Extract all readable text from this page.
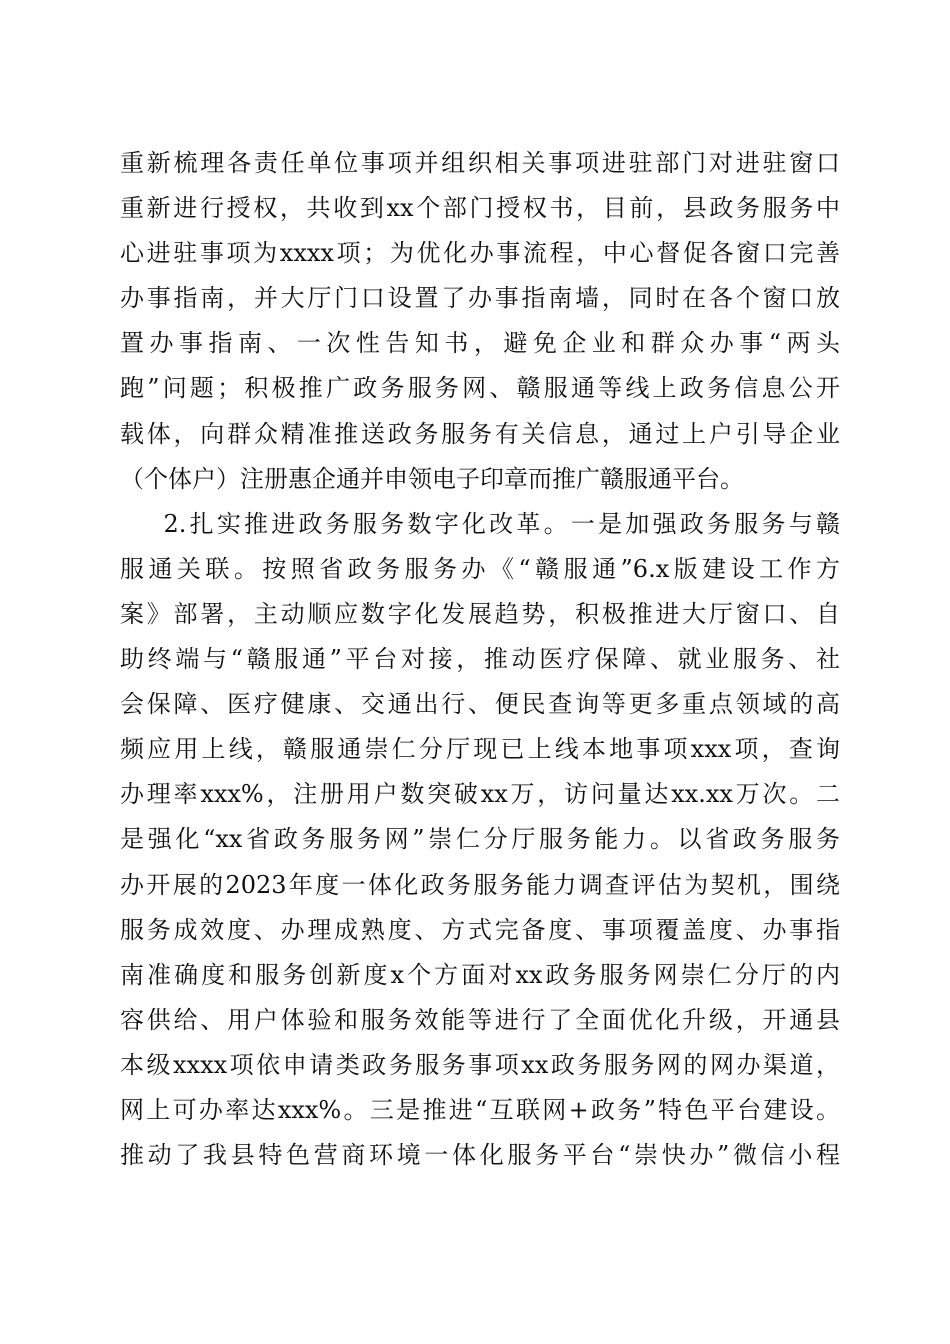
重新梳理各责任单位事项并组织相关事项进驻部门对进驻窗口
重新进行授权，共收到xx个部门授权书，目前，县政务服务中
心进驻事项为xxxx项；为优化办事流程，中心督促各窗口完善
办事指南，并大厅门口设置了办事指南墙，同时在各个窗口放
置办事指南、一次性告知书，避免企业和群众办事“两头
跑”问题；积极推广政务服务网、赣服通等线上政务信息公开
载体，向群众精准推送政务服务有关信息，通过上户引导企业
（个体户）注册惠企通并申领电子印章而推广赣服通平台。
2.扎实推进政务服务数字化改革。一是加强政务服务与赣
服通关联。按照省政务服务办《“赣服通”6.x版建设工作方
案》部署，主动顺应数字化发展趋势，积极推进大厅窗口、自
助终端与“赣服通”平台对接，推动医疗保障、就业服务、社
会保障、医疗健康、交通出行、便民查询等更多重点领域的高
频应用上线，赣服通崇仁分厅现已上线本地事项xxx项，查询
办理率xxx%，注册用户数突破xx万，访问量达xx.xx万次。二
是强化“xx省政务服务网”崇仁分厅服务能力。以省政务服务
办开展的2023年度一体化政务服务能力调查评估为契机，围绕
服务成效度、办理成熟度、方式完备度、事项覆盖度、办事指
南准确度和服务创新度x个方面对xx政务服务网崇仁分厅的内
容供给、用户体验和服务效能等进行了全面优化升级，开通县
本级xxxx项依申请类政务服务事项xx政务服务网的网办渠道，
网上可办率达xxx%。三是推进“互联网+政务”特色平台建设。
推动了我县特色营商环境一体化服务平台“崇快办”微信小程
